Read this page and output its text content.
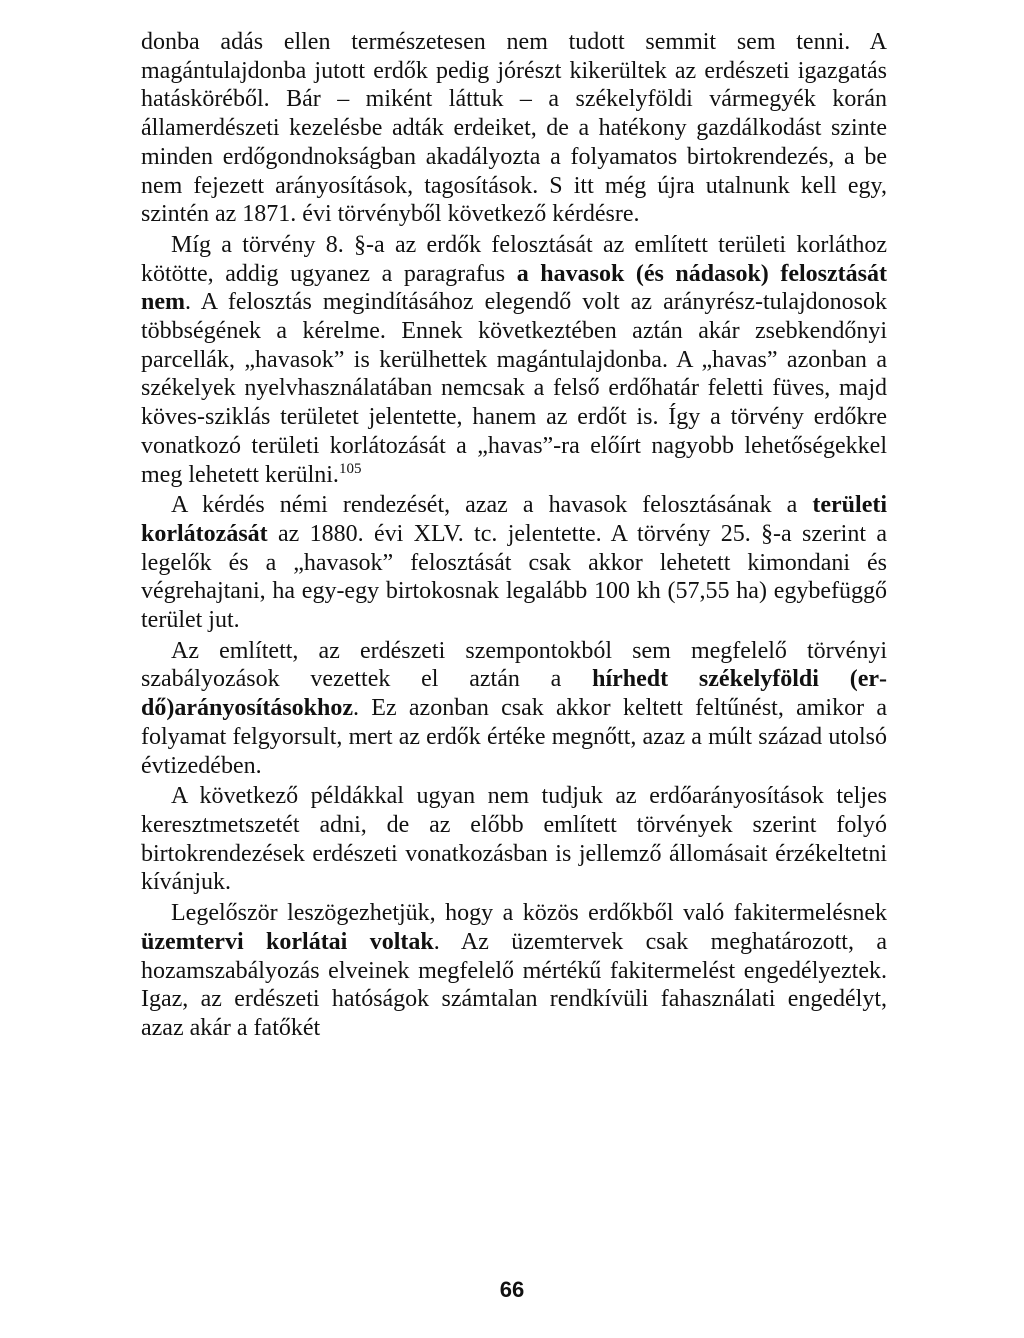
donba adás ellen természetesen nem tudott semmit sem tenni. A magántulajdonba jutott erdők pedig jórészt kikerültek az erdészeti igazgatás hatásköréből. Bár – miként láttuk – a székelyföldi vármegyék korán államerdészeti kezelésbe adták erdeiket, de a hatékony gazdálkodást szinte minden erdőgondnokságban akadályozta a folyamatos birtokrendezés, a be nem fejezett arányosítások, tagosítások. S itt még újra utalnunk kell egy, szintén az 1871. évi törvényből következő kérdésre.

Míg a törvény 8. §-a az erdők felosztását az említett területi korláthoz kötötte, addig ugyanez a paragrafus a havasok (és nádasok) felosztását nem. A felosztás megindításához elegendő volt az arányrész-tulajdonosok többségének a kérelme. Ennek következtében aztán akár zsebkendőnyi parcellák, „havasok” is kerülhettek magántulajdonba. A „havas” azonban a székelyek nyelvhasználatában nemcsak a felső erdőhatár feletti füves, majd köves-sziklás területet jelentette, hanem az erdőt is. Így a törvény erdőkre vonatkozó területi korlátozását a „havas”-ra előírt nagyobb lehetőségekkel meg lehetett kerülni.$^{105}$

A kérdés némi rendezését, azaz a havasok felosztásának a területi korlátozását az 1880. évi XLV. tc. jelentette. A törvény 25. §-a szerint a legelők és a „havasok” felosztását csak akkor lehetett kimondani és végrehajtani, ha egy-egy birtokosnak legalább 100 kh (57,55 ha) egybefüggő terület jut.

Az említett, az erdészeti szempontokból sem megfelelő törvényi szabályozások vezettek el aztán a hírhedt székelyföldi (erdő)arányosításokhoz. Ez azonban csak akkor keltett feltűnést, amikor a folyamat felgyorsult, mert az erdők értéke megnőtt, azaz a múlt század utolsó évtizedében.

A következő példákkal ugyan nem tudjuk az erdőarányosítások teljes keresztmetszetét adni, de az előbb említett törvények szerint folyó birtokrendezések erdészeti vonatkozásban is jellemző állomásait érzékeltetni kívánjuk.

Legelőször leszögezhetjük, hogy a közös erdőkből való fakitermelésnek üzemtervi korlátai voltak. Az üzemtervek csak meghatározott, a hozamszabályozás elveinek megfelelő mértékű fakitermelést engedélyeztek. Igaz, az erdészeti hatóságok számtalan rendkívüli fahasználati engedélyt, azaz akár a fatőkét

66
